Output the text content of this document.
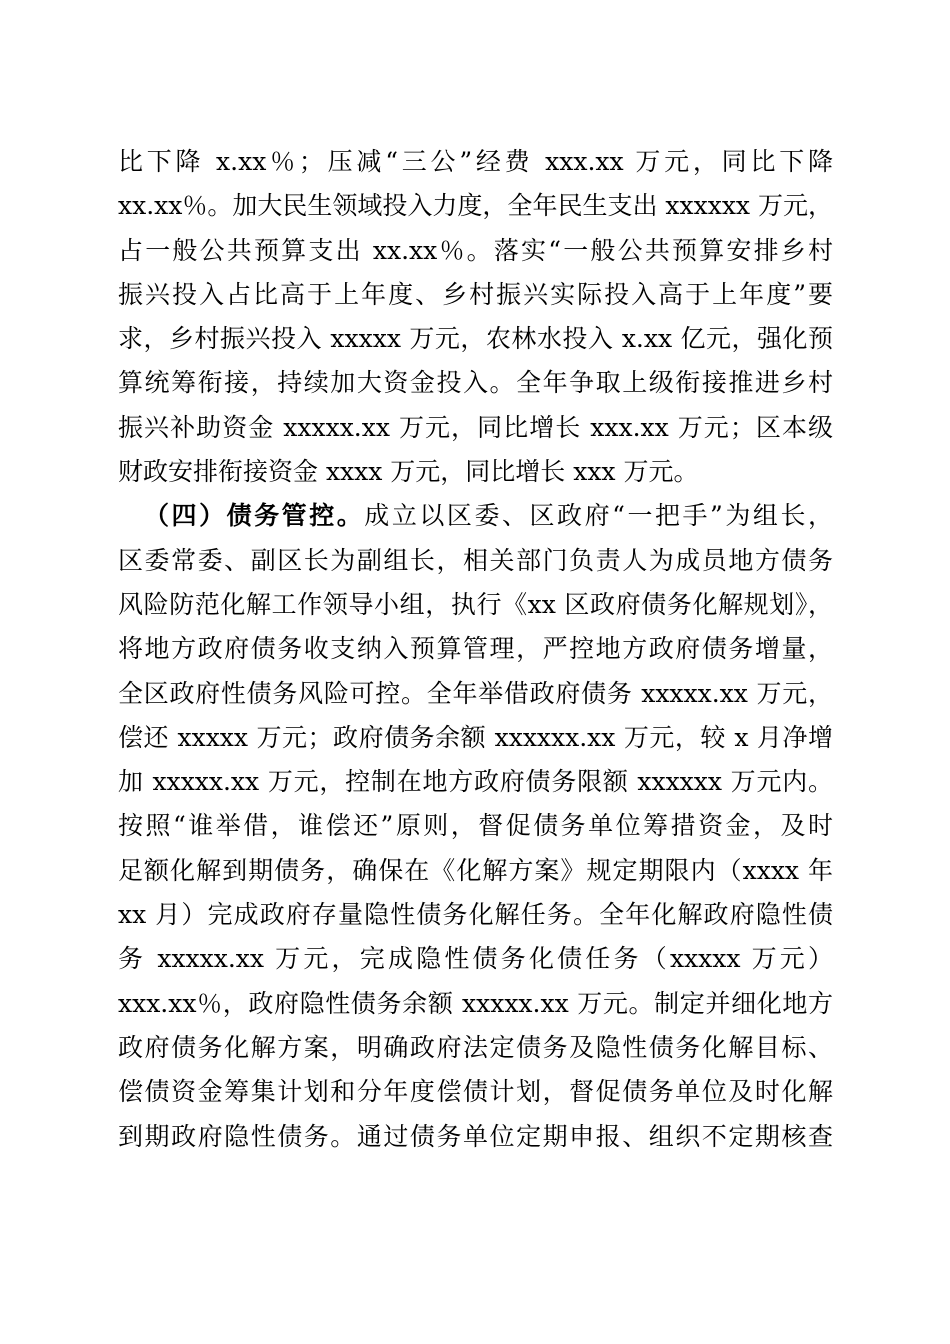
比下降 x.xx％；压减“三公”经费 xxx.xx 万元，同比下降
xx.xx％。加大民生领域投入力度，全年民生支出 xxxxxx 万元，
占一般公共预算支出 xx.xx％。落实“一般公共预算安排乡村
振兴投入占比高于上年度、乡村振兴实际投入高于上年度”要
求，乡村振兴投入 xxxxx 万元，农林水投入 x.xx 亿元，强化预
算统筹衔接，持续加大资金投入。全年争取上级衔接推进乡村
振兴补助资金 xxxxx.xx 万元，同比增长 xxx.xx 万元；区本级
财政安排衔接资金 xxxx 万元，同比增长 xxx 万元。
（四）债务管控。成立以区委、区政府“一把手”为组长，
区委常委、副区长为副组长，相关部门负责人为成员地方债务
风险防范化解工作领导小组，执行《xx 区政府债务化解规划》，
将地方政府债务收支纳入预算管理，严控地方政府债务增量，
全区政府性债务风险可控。全年举借政府债务 xxxxx.xx 万元，
偿还 xxxxx 万元；政府债务余额 xxxxxx.xx 万元，较 x 月净增
加 xxxxx.xx 万元，控制在地方政府债务限额 xxxxxx 万元内。
按照“谁举借，谁偿还”原则，督促债务单位筹措资金，及时
足额化解到期债务，确保在《化解方案》规定期限内（xxxx 年
xx 月）完成政府存量隐性债务化解任务。全年化解政府隐性债
务 xxxxx.xx 万元，完成隐性债务化债任务（xxxxx 万元）
xxx.xx％，政府隐性债务余额 xxxxx.xx 万元。制定并细化地方
政府债务化解方案，明确政府法定债务及隐性债务化解目标、
偿债资金筹集计划和分年度偿债计划，督促债务单位及时化解
到期政府隐性债务。通过债务单位定期申报、组织不定期核查
